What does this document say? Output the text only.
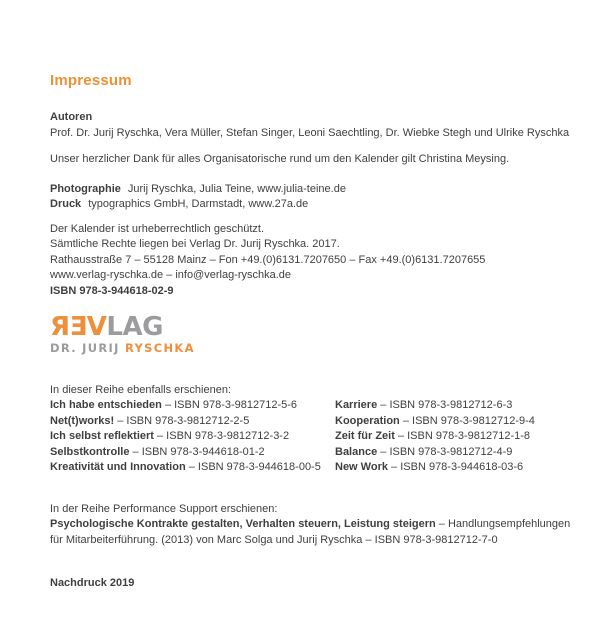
Impressum

Autoren
Prof. Dr. Jurij Ryschka, Vera Müller, Stefan Singer, Leoni Saechtling, Dr. Wiebke Stegh und Ulrike Ryschka

Unser herzlicher Dank für alles Organisatorische rund um den Kalender gilt Christina Meysing.

Photographie Jurij Ryschka, Julia Teine, www.julia-teine.de
Druck typographics GmbH, Darmstadt, www.27a.de

Der Kalender ist urheberrechtlich geschützt.
Sämtliche Rechte liegen bei Verlag Dr. Jurij Ryschka. 2017.
Rathausstraße 7 – 55128 Mainz – Fon +49.(0)6131.7207650 – Fax +49.(0)6131.7207655
www.verlag-ryschka.de – info@verlag-ryschka.de
ISBN 978-3-944618-02-9

ЯƎVLAG
DR. JURIJ RYSCHKA

In dieser Reihe ebenfalls erschienen:

Ich habe entschieden – ISBN 978-3-9812712-5-6
Net(t)works! – ISBN 978-3-9812712-2-5
Ich selbst reflektiert – ISBN 978-3-9812712-3-2
Selbstkontrolle – ISBN 978-3-944618-01-2
Kreativität und Innovation – ISBN 978-3-944618-00-5
Karriere – ISBN 978-3-9812712-6-3
Kooperation – ISBN 978-3-9812712-9-4
Zeit für Zeit – ISBN 978-3-9812712-1-8
Balance – ISBN 978-3-9812712-4-9
New Work – ISBN 978-3-944618-03-6
In der Reihe Performance Support erschienen:
Psychologische Kontrakte gestalten, Verhalten steuern, Leistung steigern – Handlungsempfehlungen
für Mitarbeiterführung. (2013) von Marc Solga und Jurij Ryschka – ISBN 978-3-9812712-7-0
Nachdruck 2019
